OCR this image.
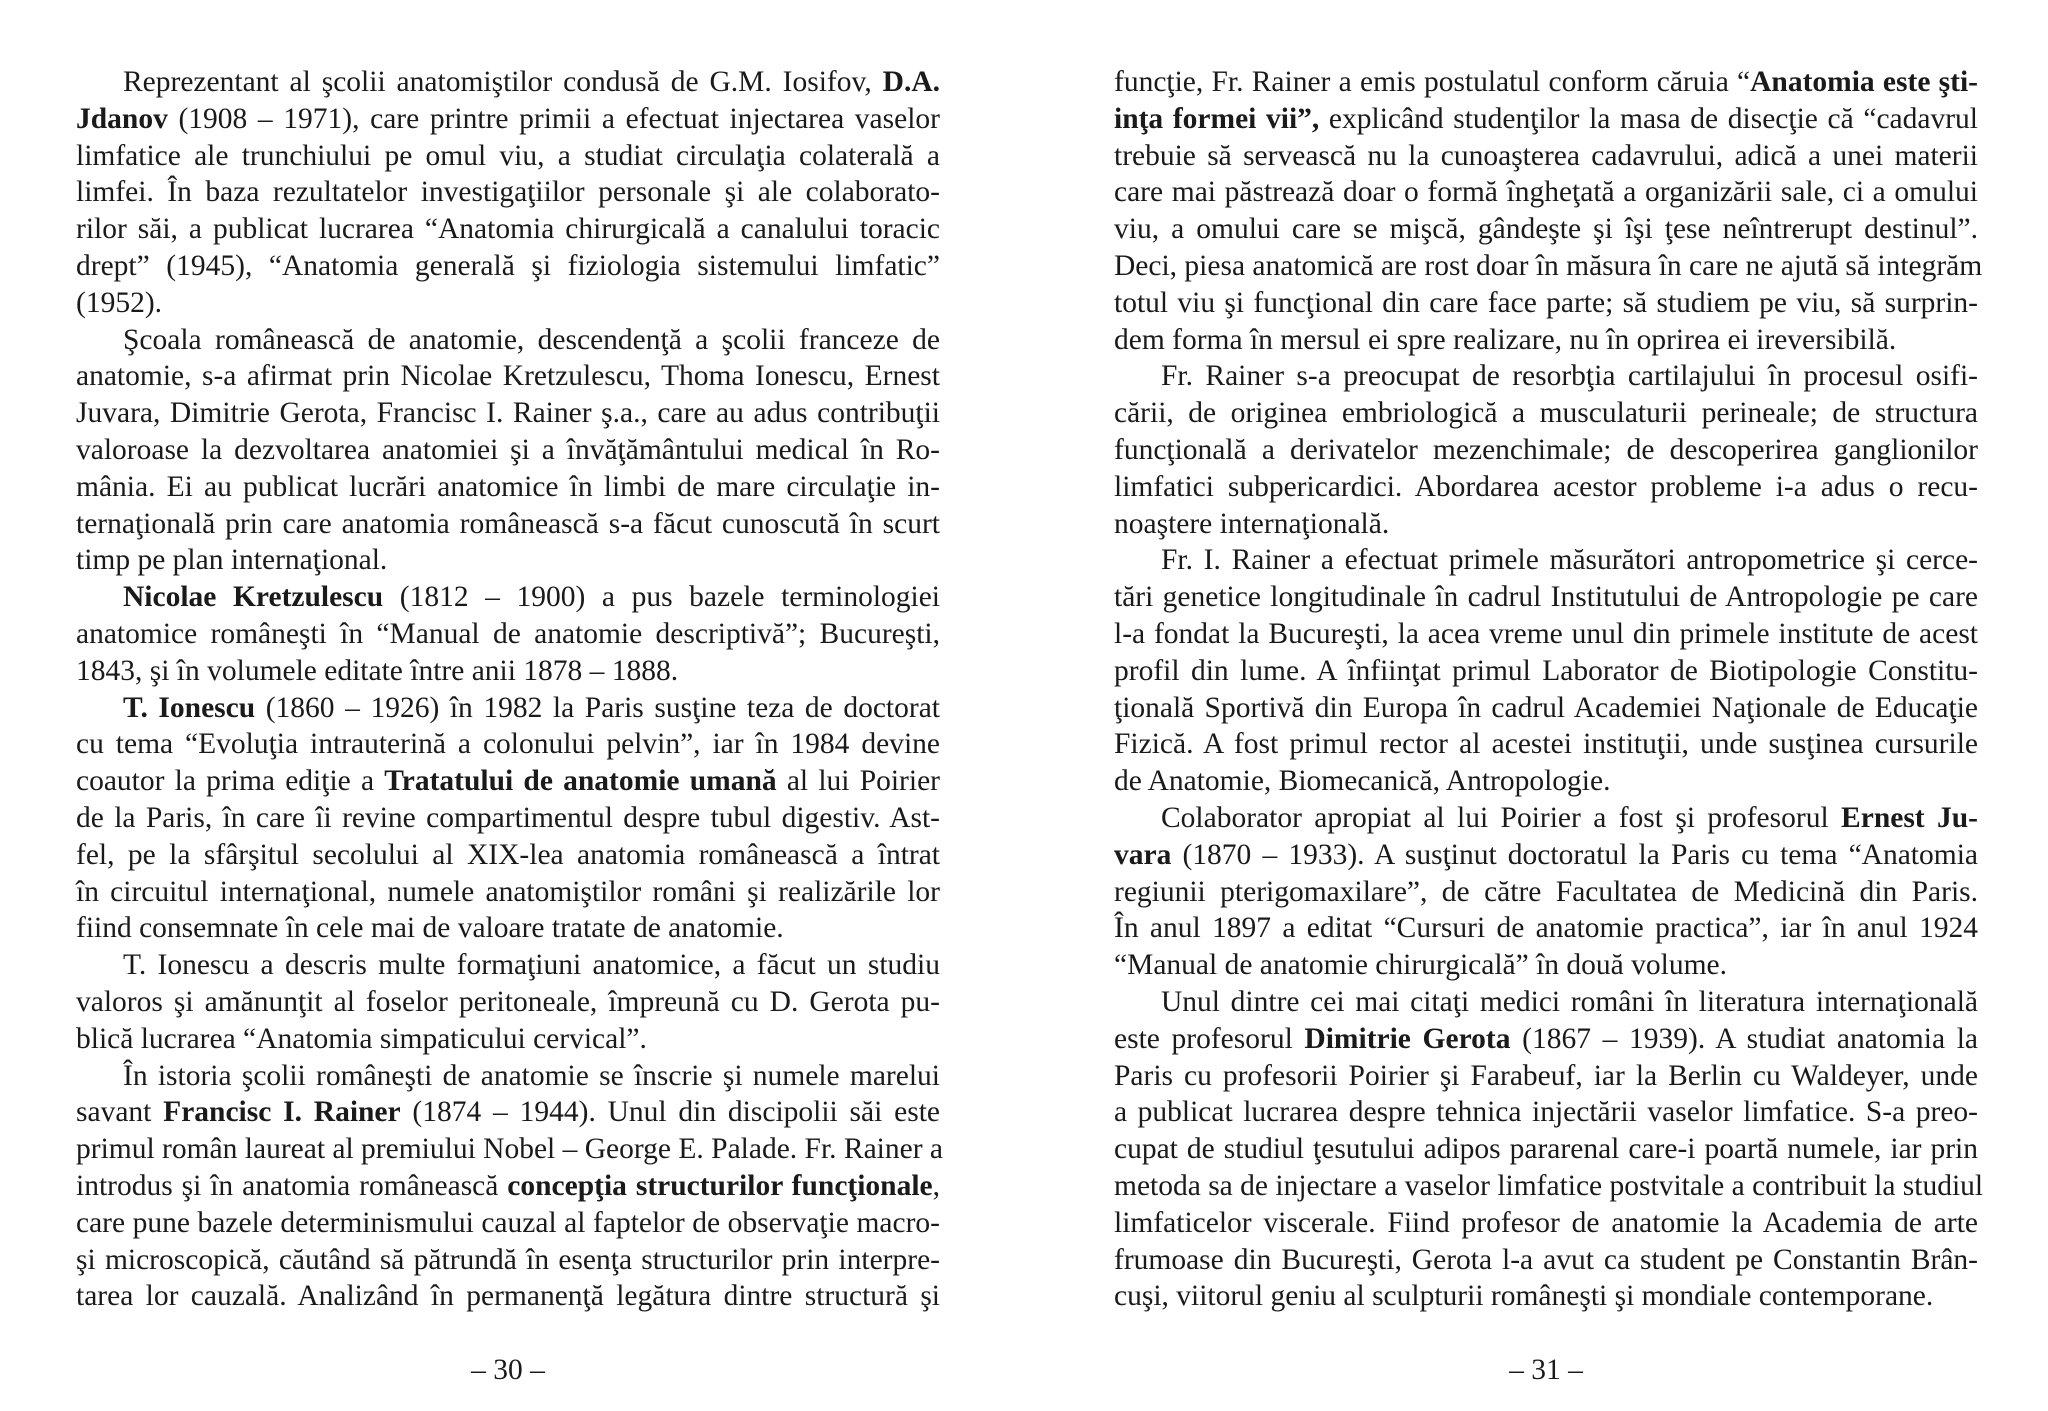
Reprezentant al şcolii anatomiştilor condusă de G.M. Iosifov, D.A.
Jdanov (1908 – 1971), care printre primii a efectuat injectarea vaselor
limfatice ale trunchiului pe omul viu, a studiat circulaţia colaterală a
limfei. În baza rezultatelor investigaţiilor personale şi ale colaborato-
rilor săi, a publicat lucrarea “Anatomia chirurgicală a canalului toracic
drept” (1945), “Anatomia generală şi fiziologia sistemului limfatic”
(1952).
Şcoala românească de anatomie, descendenţă a şcolii franceze de
anatomie, s-a afirmat prin Nicolae Kretzulescu, Thoma Ionescu, Ernest
Juvara, Dimitrie Gerota, Francisc I. Rainer ş.a., care au adus contribuţii
valoroase la dezvoltarea anatomiei şi a învăţământului medical în Ro-
mânia. Ei au publicat lucrări anatomice în limbi de mare circulaţie in-
ternaţională prin care anatomia românească s-a făcut cunoscută în scurt
timp pe plan internaţional.
Nicolae Kretzulescu (1812 – 1900) a pus bazele terminologiei
anatomice româneşti în “Manual de anatomie descriptivă”; Bucureşti,
1843, şi în volumele editate între anii 1878 – 1888.
T. Ionescu (1860 – 1926) în 1982 la Paris susţine teza de doctorat
cu tema “Evoluţia intrauterină a colonului pelvin”, iar în 1984 devine
coautor la prima ediţie a Tratatului de anatomie umană al lui Poirier
de la Paris, în care îi revine compartimentul despre tubul digestiv. Ast-
fel, pe la sfârşitul secolului al XIX-lea anatomia românească a întrat
în circuitul internaţional, numele anatomiştilor români şi realizările lor
fiind consemnate în cele mai de valoare tratate de anatomie.
T. Ionescu a descris multe formaţiuni anatomice, a făcut un studiu
valoros şi amănunţit al foselor peritoneale, împreună cu D. Gerota pu-
blică lucrarea “Anatomia simpaticului cervical”.
În istoria şcolii româneşti de anatomie se înscrie şi numele marelui
savant Francisc I. Rainer (1874 – 1944). Unul din discipolii săi este
primul român laureat al premiului Nobel – George E. Palade. Fr. Rainer a
introdus şi în anatomia românească concepţia structurilor funcţionale,
care pune bazele determinismului cauzal al faptelor de observaţie macro-
şi microscopică, căutând să pătrundă în esenţa structurilor prin interpre-
tarea lor cauzală. Analizând în permanenţă legătura dintre structură şi
funcţie, Fr. Rainer a emis postulatul conform căruia “Anatomia este şti-
inţa formei vii”, explicând studenţilor la masa de disecţie că “cadavrul
trebuie să servească nu la cunoaşterea cadavrului, adică a unei materii
care mai păstrează doar o formă îngheţată a organizării sale, ci a omului
viu, a omului care se mişcă, gândeşte şi îşi ţese neîntrerupt destinul”.
Deci, piesa anatomică are rost doar în măsura în care ne ajută să integrăm
totul viu şi funcţional din care face parte; să studiem pe viu, să surprin-
dem forma în mersul ei spre realizare, nu în oprirea ei ireversibilă.
Fr. Rainer s-a preocupat de resorbţia cartilajului în procesul osifi-
cării, de originea embriologică a musculaturii perineale; de structura
funcţională a derivatelor mezenchimale; de descoperirea ganglionilor
limfatici subpericardici. Abordarea acestor probleme i-a adus o recu-
noaştere internaţională.
Fr. I. Rainer a efectuat primele măsurători antropometrice şi cerce-
tări genetice longitudinale în cadrul Institutului de Antropologie pe care
l-a fondat la Bucureşti, la acea vreme unul din primele institute de acest
profil din lume. A înfiinţat primul Laborator de Biotipologie Constitu-
ţională Sportivă din Europa în cadrul Academiei Naţionale de Educaţie
Fizică. A fost primul rector al acestei instituţii, unde susţinea cursurile
de Anatomie, Biomecanică, Antropologie.
Colaborator apropiat al lui Poirier a fost şi profesorul Ernest Ju-
vara (1870 – 1933). A susţinut doctoratul la Paris cu tema “Anatomia
regiunii pterigomaxilare”, de către Facultatea de Medicină din Paris.
În anul 1897 a editat “Cursuri de anatomie practica”, iar în anul 1924
“Manual de anatomie chirurgicală” în două volume.
Unul dintre cei mai citaţi medici români în literatura internaţională
este profesorul Dimitrie Gerota (1867 – 1939). A studiat anatomia la
Paris cu profesorii Poirier şi Farabeuf, iar la Berlin cu Waldeyer, unde
a publicat lucrarea despre tehnica injectării vaselor limfatice. S-a preo-
cupat de studiul ţesutului adipos pararenal care-i poartă numele, iar prin
metoda sa de injectare a vaselor limfatice postvitale a contribuit la studiul
limfaticelor viscerale. Fiind profesor de anatomie la Academia de arte
frumoase din Bucureşti, Gerota l-a avut ca student pe Constantin Brân-
cuşi, viitorul geniu al sculpturii româneşti şi mondiale contemporane.
– 30 –	– 31 –
